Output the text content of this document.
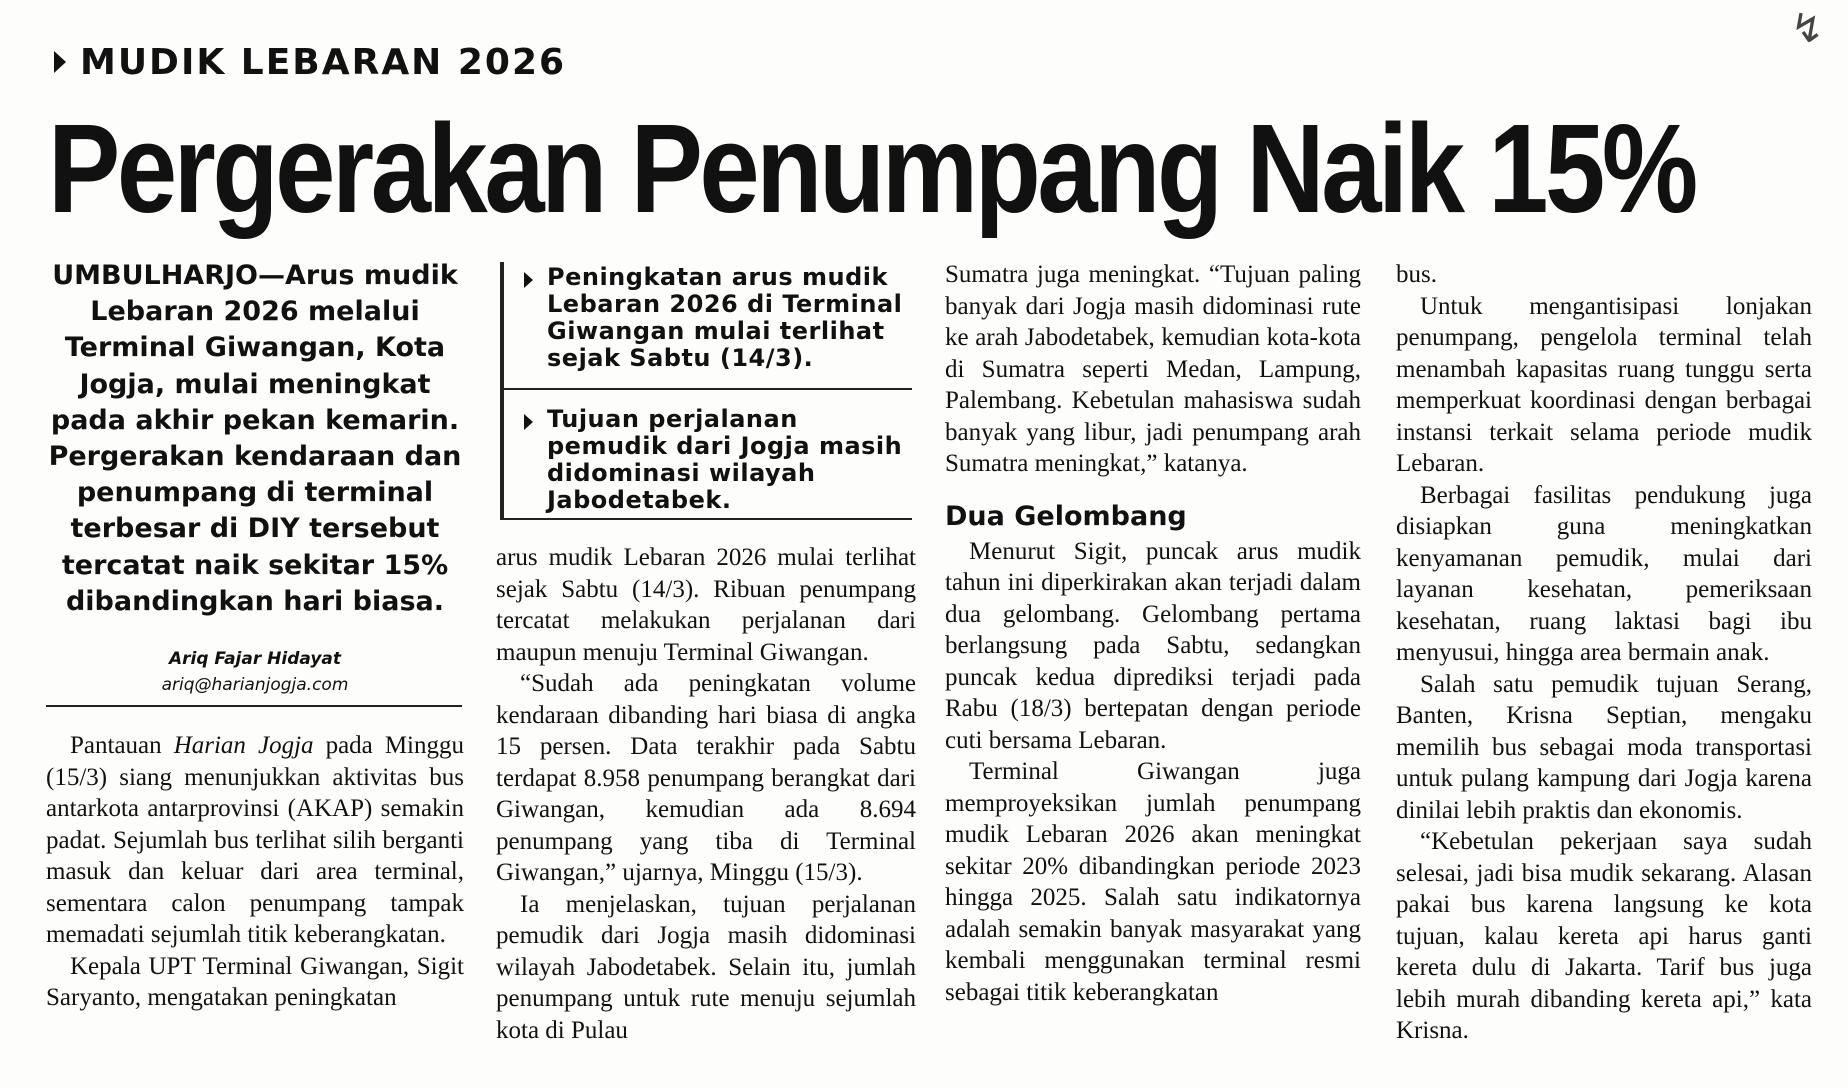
↯
MUDIK LEBARAN 2026
Pergerakan Penumpang Naik 15%

UMBULHARJO—Arus mudik Lebaran 2026 melalui Terminal Giwangan, Kota Jogja, mulai meningkat pada akhir pekan kemarin. Pergerakan kendaraan dan penumpang di terminal terbesar di DIY tersebut tercatat naik sekitar 15% dibandingkan hari biasa.

Ariq Fajar Hidayat
ariq@harianjogja.com
Peningkatan arus mudik Lebaran 2026 di Terminal Giwangan mulai terlihat sejak Sabtu (14/3).
Tujuan perjalanan pemudik dari Jogja masih didominasi wilayah Jabodetabek.

Pantauan Harian Jogja pada Minggu (15/3) siang menunjukkan aktivitas bus antarkota antarprovinsi (AKAP) semakin padat. Sejumlah bus terlihat silih berganti masuk dan keluar dari area terminal, sementara calon penumpang tampak memadati sejumlah titik keberangkatan.

Kepala UPT Terminal Giwangan, Sigit Saryanto, mengatakan peningkatan

arus mudik Lebaran 2026 mulai terlihat sejak Sabtu (14/3). Ribuan penumpang tercatat melakukan perjalanan dari maupun menuju Terminal Giwangan.

“Sudah ada peningkatan volume kendaraan dibanding hari biasa di angka 15 persen. Data terakhir pada Sabtu terdapat 8.958 penumpang berangkat dari Giwangan, kemudian ada 8.694 penumpang yang tiba di Terminal Giwangan,” ujarnya, Minggu (15/3).

Ia menjelaskan, tujuan perjalanan pemudik dari Jogja masih didominasi wilayah Jabodetabek. Selain itu, jumlah penumpang untuk rute menuju sejumlah kota di Pulau

Sumatra juga meningkat. “Tujuan paling banyak dari Jogja masih didominasi rute ke arah Jabodetabek, kemudian kota-kota di Sumatra seperti Medan, Lampung, Palembang. Kebetulan mahasiswa sudah banyak yang libur, jadi penumpang arah Sumatra meningkat,” katanya.

Dua Gelombang

Menurut Sigit, puncak arus mudik tahun ini diperkirakan akan terjadi dalam dua gelombang. Gelombang pertama berlangsung pada Sabtu, sedangkan puncak kedua diprediksi terjadi pada Rabu (18/3) bertepatan dengan periode cuti bersama Lebaran.

Terminal Giwangan juga memproyeksikan jumlah penumpang mudik Lebaran 2026 akan meningkat sekitar 20% dibandingkan periode 2023 hingga 2025. Salah satu indikatornya adalah semakin banyak masyarakat yang kembali menggunakan terminal resmi sebagai titik keberangkatan

bus.

Untuk mengantisipasi lonjakan penumpang, pengelola terminal telah menambah kapasitas ruang tunggu serta memperkuat koordinasi dengan berbagai instansi terkait selama periode mudik Lebaran.

Berbagai fasilitas pendukung juga disiapkan guna meningkatkan kenyamanan pemudik, mulai dari layanan kesehatan, pemeriksaan kesehatan, ruang laktasi bagi ibu menyusui, hingga area bermain anak.

Salah satu pemudik tujuan Serang, Banten, Krisna Septian, mengaku memilih bus sebagai moda transportasi untuk pulang kampung dari Jogja karena dinilai lebih praktis dan ekonomis.

“Kebetulan pekerjaan saya sudah selesai, jadi bisa mudik sekarang. Alasan pakai bus karena langsung ke kota tujuan, kalau kereta api harus ganti kereta dulu di Jakarta. Tarif bus juga lebih murah dibanding kereta api,” kata Krisna.
